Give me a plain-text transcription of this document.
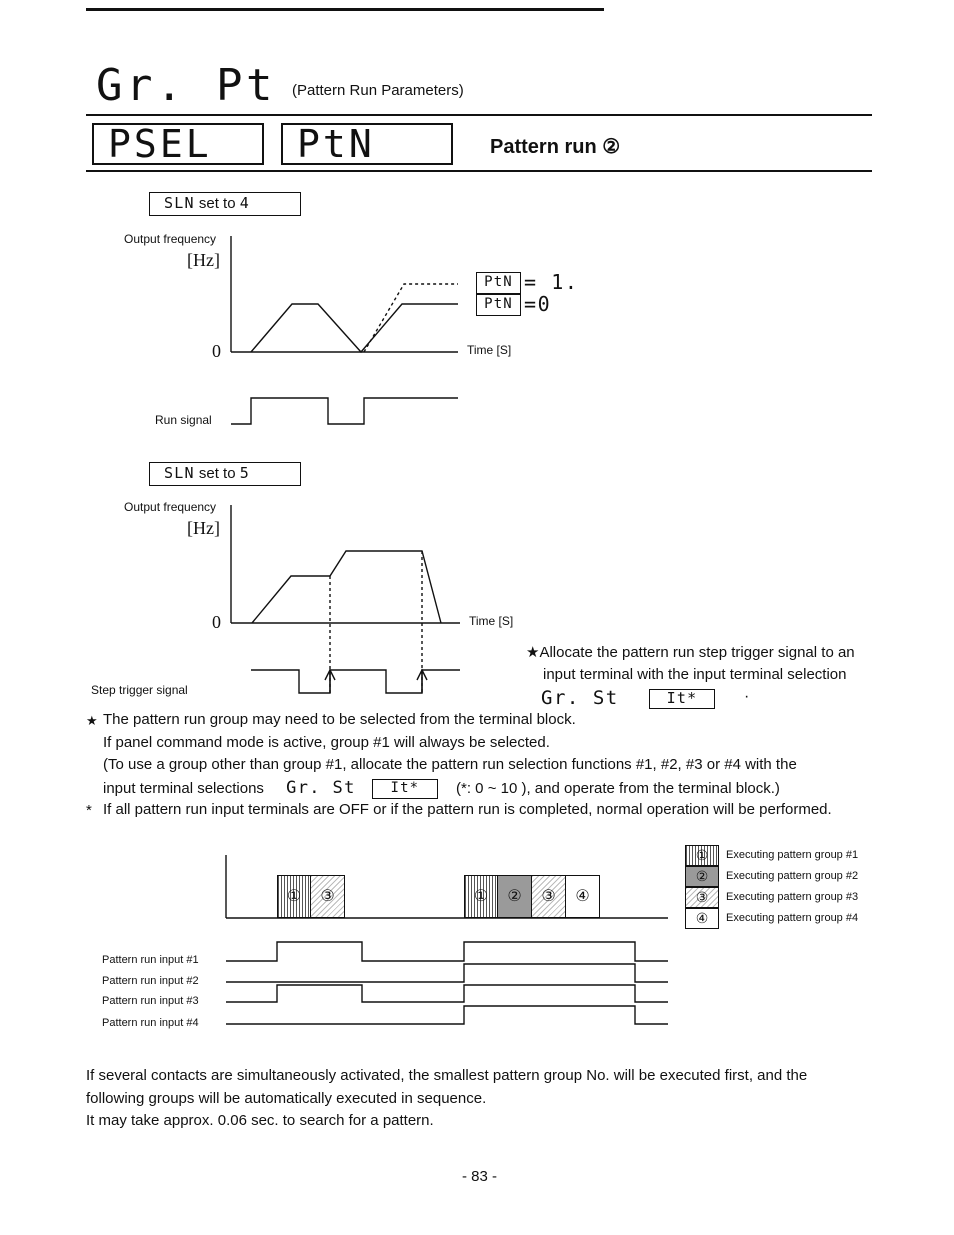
Gr. Pt (Pattern Run Parameters)
PSEL	PtN	Pattern run ②
SLN set to 4
Output frequency
[Hz]
0	Time [S]
PtN = 1.
PtN =0
Run signal
SLN set to 5
Output frequency
[Hz]
0	Time [S]
Step trigger signal
★Allocate the pattern run step trigger signal to an
input terminal with the input terminal selection
Gr. St	It*	·
★ The pattern run group may need to be selected from the terminal block.
If panel command mode is active, group #1 will always be selected.
(To use a group other than group #1, allocate the pattern run selection functions #1, #2, #3 or #4 with the
input terminal selections Gr. St It* (*: 0 ~ 10 ), and operate from the terminal block.)
* If all pattern run input terminals are OFF or if the pattern run is completed, normal operation will be performed.
①	Executing pattern group #1
②	Executing pattern group #2
③	Executing pattern group #3
④	Executing pattern group #4
①	③	①	②	③	④
Pattern run input #1
Pattern run input #2
Pattern run input #3
Pattern run input #4
If several contacts are simultaneously activated, the smallest pattern group No. will be executed first, and the
following groups will be automatically executed in sequence.
It may take approx. 0.06 sec. to search for a pattern.
- 83 -
